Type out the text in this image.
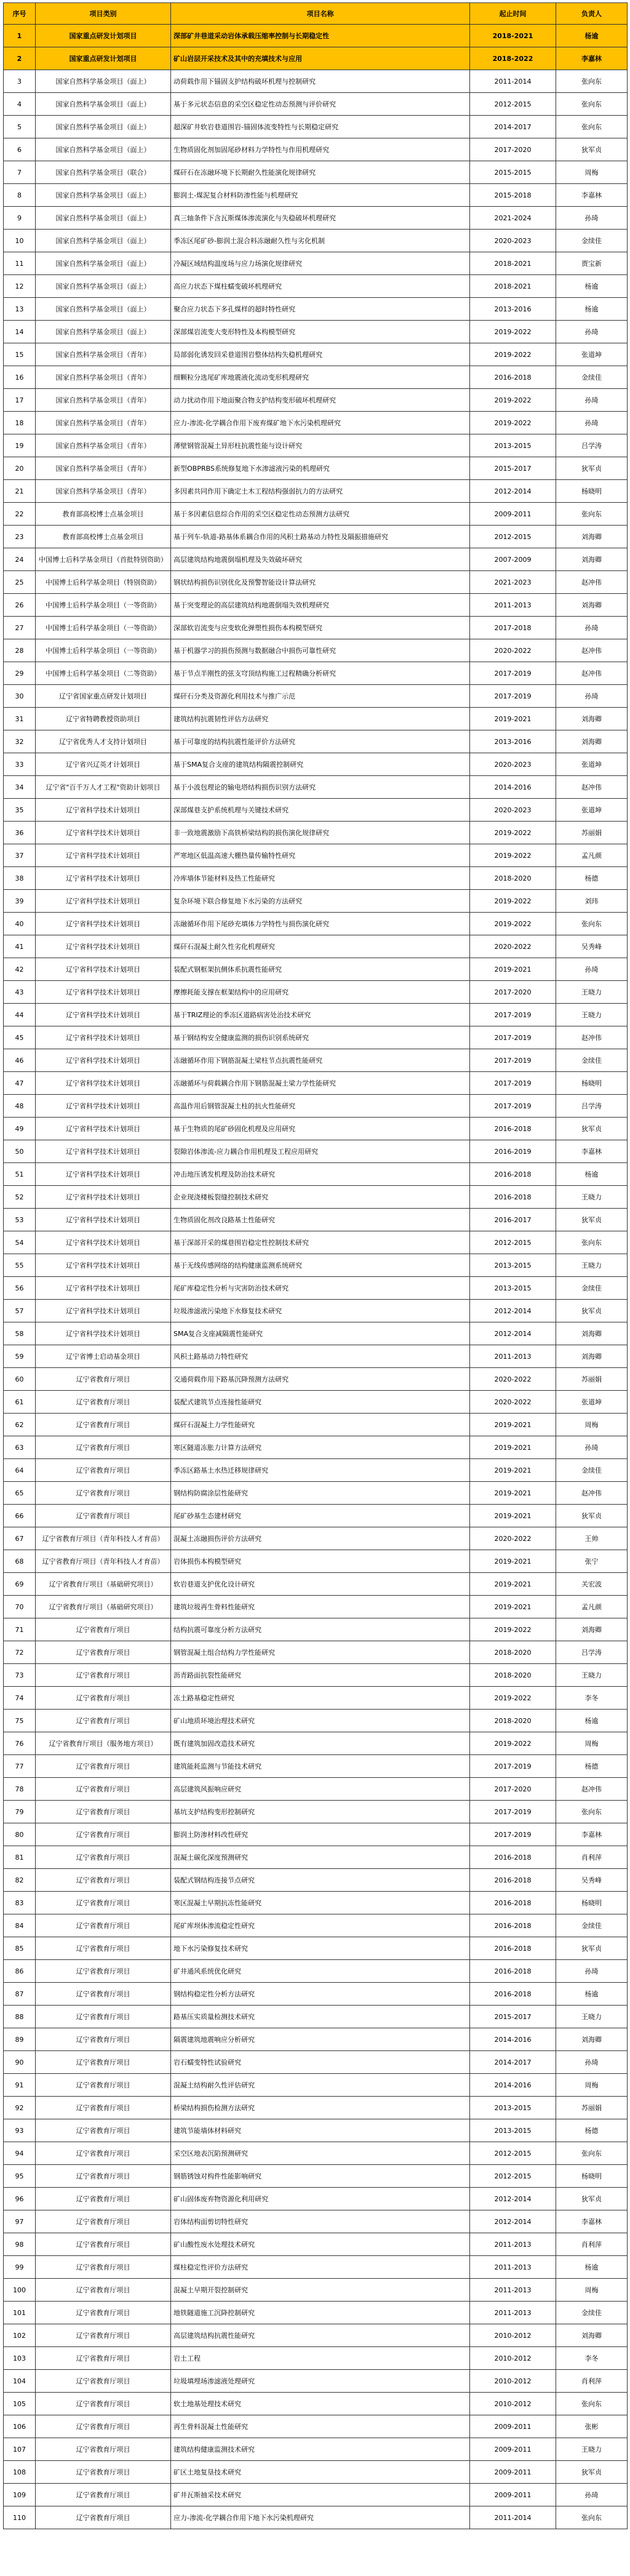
序号	项目类别	项目名称	起止时间	负责人
1	国家重点研发计划项目	深部矿井巷道采动岩体承载压缩率控制与长期稳定性	2018-2021	杨逾
2	国家重点研发计划项目	矿山岩层开采技术及其中的充填技术与应用	2018-2022	李嘉林
3	国家自然科学基金项目（面上）	动荷载作用下锚固支护结构破坏机理与控制研究	2011-2014	张向东
4	国家自然科学基金项目（面上）	基于多元状态信息的采空区稳定性动态预测与评价研究	2012-2015	张向东
5	国家自然科学基金项目（面上）	超深矿井软岩巷道围岩-锚固体流变特性与长期稳定研究	2014-2017	张向东
6	国家自然科学基金项目（面上）	生物质固化剂加固尾砂材料力学特性与作用机理研究	2017-2020	狄军贞
7	国家自然科学基金项目（联合）	煤矸石在冻融环境下长期耐久性能演化规律研究	2015-2015	周梅
8	国家自然科学基金项目（面上）	膨润土-煤泥复合材料防渗性能与机理研究	2015-2018	李嘉林
9	国家自然科学基金项目（面上）	真三轴条件下含瓦斯煤体渗流演化与失稳破坏机理研究	2021-2024	孙琦
10	国家自然科学基金项目（面上）	季冻区尾矿砂-膨润土混合料冻融耐久性与劣化机制	2020-2023	金续佳
11	国家自然科学基金项目（面上）	冷凝区域结构温度场与应力场演化规律研究	2018-2021	贾宝新
12	国家自然科学基金项目（面上）	高应力状态下煤柱蠕变破坏机理研究	2018-2021	杨逾
13	国家自然科学基金项目（面上）	聚合应力状态下多孔煤样的超时特性研究	2013-2016	杨逾
14	国家自然科学基金项目（面上）	深部煤岩流变大变形特性及本构模型研究	2019-2022	孙琦
15	国家自然科学基金项目（青年）	局部弱化诱发回采巷道围岩整体结构失稳机理研究	2019-2022	张道坤
16	国家自然科学基金项目（青年）	细颗粒分选尾矿库地震液化流动变形机理研究	2016-2018	金续佳
17	国家自然科学基金项目（青年）	动力扰动作用下地面聚合物支护结构变形破坏机理研究	2019-2022	孙琦
18	国家自然科学基金项目（青年）	应力-渗流-化学耦合作用下废弃煤矿地下水污染机理研究	2019-2022	孙琦
19	国家自然科学基金项目（青年）	薄壁钢管混凝土异形柱抗震性能与设计研究	2013-2015	吕学涛
20	国家自然科学基金项目（青年）	新型OBPRBS系统修复地下水渗滤液污染的机理研究	2015-2017	狄军贞
21	国家自然科学基金项目（青年）	多因素共同作用下确定土木工程结构强弱抗力的方法研究	2012-2014	杨晓明
22	教育部高校博士点基金项目	基于多因素信息综合作用的采空区稳定性动态预测方法研究	2009-2011	张向东
23	教育部高校博士点基金项目	基于列车-轨道-路基体系耦合作用的风积土路基动力特性及隔振措施研究	2012-2015	刘海卿
24	中国博士后科学基金项目（首批特别资助）	高层建筑结构地震倒塌机理及失效破坏研究	2007-2009	刘海卿
25	中国博士后科学基金项目（特别资助）	钢状结构损伤识别优化及预警智能设计算法研究	2021-2023	赵冲伟
26	中国博士后科学基金项目（一等资助）	基于突变理论的高层建筑结构地震倒塌失效机理研究	2011-2013	刘海卿
27	中国博士后科学基金项目（一等资助）	深部软岩流变与应变软化弹塑性损伤本构模型研究	2017-2018	孙琦
28	中国博士后科学基金项目（一等资助）	基于机器学习的损伤预测与数据融合中损伤可靠性研究	2020-2022	赵冲伟
29	中国博士后科学基金项目（二等资助）	基于节点半刚性的弦支穹顶结构施工过程精确分析研究	2017-2019	赵冲伟
30	辽宁省国家重点研发计划项目	煤矸石分类及资源化利用技术与推广示范	2017-2019	孙琦
31	辽宁省特聘教授资助项目	建筑结构抗震韧性评估方法研究	2019-2021	刘海卿
32	辽宁省优秀人才支持计划项目	基于可靠度的结构抗震性能评价方法研究	2013-2016	刘海卿
33	辽宁省兴辽英才计划项目	基于SMA复合支座的建筑结构隔震控制研究	2020-2023	张道坤
34	辽宁省"百千万人才工程"资助计划项目	基于小波包理论的输电塔结构损伤识别方法研究	2014-2016	赵冲伟
35	辽宁省科学技术计划项目	深部煤巷支护系统机理与关键技术研究	2020-2023	张道坤
36	辽宁省科学技术计划项目	非一致地震激励下高铁桥梁结构的损伤演化规律研究	2019-2022	苏丽娟
37	辽宁省科学技术计划项目	严寒地区低温高速大棚热量传输特性研究	2019-2022	孟凡颜
38	辽宁省科学技术计划项目	冷库墙体节能材料及热工性能研究	2018-2020	杨德
39	辽宁省科学技术计划项目	复杂环境下联合修复地下水污染的方法研究	2019-2022	刘玮
40	辽宁省科学技术计划项目	冻融循环作用下尾砂充填体力学特性与损伤演化研究	2019-2022	张向东
41	辽宁省科学技术计划项目	煤矸石混凝土耐久性劣化机理研究	2020-2022	吴秀峰
42	辽宁省科学技术计划项目	装配式钢框架抗侧体系抗震性能研究	2019-2021	孙琦
43	辽宁省科学技术计划项目	摩擦耗能支撑在框架结构中的应用研究	2017-2020	王晓力
44	辽宁省科学技术计划项目	基于TRIZ理论的季冻区道路病害处治技术研究	2017-2019	王晓力
45	辽宁省科学技术计划项目	基于钢结构安全健康监测的损伤识别系统研究	2017-2019	赵冲伟
46	辽宁省科学技术计划项目	冻融循环作用下钢筋混凝土梁柱节点抗震性能研究	2017-2019	金续佳
47	辽宁省科学技术计划项目	冻融循环与荷载耦合作用下钢筋混凝土梁力学性能研究	2017-2019	杨晓明
48	辽宁省科学技术计划项目	高温作用后钢管混凝土柱的抗火性能研究	2017-2019	吕学涛
49	辽宁省科学技术计划项目	基于生物质的尾矿砂固化机理及应用研究	2016-2018	狄军贞
50	辽宁省科学技术计划项目	裂隙岩体渗流-应力耦合作用机理及工程应用研究	2016-2019	李嘉林
51	辽宁省科学技术计划项目	冲击地压诱发机理及防治技术研究	2016-2018	杨逾
52	辽宁省科学技术计划项目	企业现浇楼板裂缝控制技术研究	2016-2018	王晓力
53	辽宁省科学技术计划项目	生物质固化剂改良路基土性能研究	2016-2017	狄军贞
54	辽宁省科学技术计划项目	基于深部开采的煤巷围岩稳定性控制技术研究	2012-2015	张向东
55	辽宁省科学技术计划项目	基于无线传感网络的结构健康监测系统研究	2013-2015	王晓力
56	辽宁省科学技术计划项目	尾矿库稳定性分析与灾害防治技术研究	2013-2015	金续佳
57	辽宁省科学技术计划项目	垃圾渗滤液污染地下水修复技术研究	2012-2014	狄军贞
58	辽宁省科学技术计划项目	SMA复合支座减隔震性能研究	2012-2014	刘海卿
59	辽宁省博士启动基金项目	风积土路基动力特性研究	2011-2013	刘海卿
60	辽宁省教育厅项目	交通荷载作用下路基沉降预测方法研究	2020-2022	苏丽娟
61	辽宁省教育厅项目	装配式建筑节点连接性能研究	2020-2022	张道坤
62	辽宁省教育厅项目	煤矸石混凝土力学性能研究	2019-2021	周梅
63	辽宁省教育厅项目	寒区隧道冻胀力计算方法研究	2019-2021	孙琦
64	辽宁省教育厅项目	季冻区路基土水热迁移规律研究	2019-2021	金续佳
65	辽宁省教育厅项目	钢结构防腐涂层性能研究	2019-2021	赵冲伟
66	辽宁省教育厅项目	尾矿砂基生态建材研究	2019-2021	狄军贞
67	辽宁省教育厅项目（青年科技人才育苗）	混凝土冻融损伤评价方法研究	2020-2022	王帅
68	辽宁省教育厅项目（青年科技人才育苗）	岩体损伤本构模型研究	2019-2021	张宁
69	辽宁省教育厅项目（基础研究项目）	软岩巷道支护优化设计研究	2019-2021	关宏波
70	辽宁省教育厅项目（基础研究项目）	建筑垃圾再生骨料性能研究	2019-2021	孟凡颜
71	辽宁省教育厅项目	结构抗震可靠度分析方法研究	2019-2022	刘海卿
72	辽宁省教育厅项目	钢管混凝土组合结构力学性能研究	2018-2020	吕学涛
73	辽宁省教育厅项目	沥青路面抗裂性能研究	2018-2020	王晓力
74	辽宁省教育厅项目	冻土路基稳定性研究	2019-2022	李冬
75	辽宁省教育厅项目	矿山地质环境治理技术研究	2018-2020	杨逾
76	辽宁省教育厅项目（服务地方项目）	既有建筑加固改造技术研究	2019-2022	周梅
77	辽宁省教育厅项目	建筑能耗监测与节能技术研究	2017-2019	杨德
78	辽宁省教育厅项目	高层建筑风振响应研究	2017-2020	赵冲伟
79	辽宁省教育厅项目	基坑支护结构变形控制研究	2017-2019	张向东
80	辽宁省教育厅项目	膨润土防渗材料改性研究	2017-2019	李嘉林
81	辽宁省教育厅项目	混凝土碳化深度预测研究	2016-2018	肖利萍
82	辽宁省教育厅项目	装配式钢结构连接节点研究	2016-2018	吴秀峰
83	辽宁省教育厅项目	寒区混凝土早期抗冻性能研究	2016-2018	杨晓明
84	辽宁省教育厅项目	尾矿库坝体渗流稳定性研究	2016-2018	金续佳
85	辽宁省教育厅项目	地下水污染修复技术研究	2016-2018	狄军贞
86	辽宁省教育厅项目	矿井通风系统优化研究	2016-2018	孙琦
87	辽宁省教育厅项目	钢结构稳定性分析方法研究	2016-2018	杨逾
88	辽宁省教育厅项目	路基压实质量检测技术研究	2015-2017	王晓力
89	辽宁省教育厅项目	隔震建筑地震响应分析研究	2014-2016	刘海卿
90	辽宁省教育厅项目	岩石蠕变特性试验研究	2014-2017	孙琦
91	辽宁省教育厅项目	混凝土结构耐久性评估研究	2014-2016	周梅
92	辽宁省教育厅项目	桥梁结构损伤检测方法研究	2013-2015	苏丽娟
93	辽宁省教育厅项目	建筑节能墙体材料研究	2013-2015	杨德
94	辽宁省教育厅项目	采空区地表沉陷预测研究	2012-2015	张向东
95	辽宁省教育厅项目	钢筋锈蚀对构件性能影响研究	2012-2015	杨晓明
96	辽宁省教育厅项目	矿山固体废弃物资源化利用研究	2012-2014	狄军贞
97	辽宁省教育厅项目	岩体结构面剪切特性研究	2012-2014	李嘉林
98	辽宁省教育厅项目	矿山酸性废水处理技术研究	2011-2013	肖利萍
99	辽宁省教育厅项目	煤柱稳定性评价方法研究	2011-2013	杨逾
100	辽宁省教育厅项目	混凝土早期开裂控制研究	2011-2013	周梅
101	辽宁省教育厅项目	地铁隧道施工沉降控制研究	2011-2013	金续佳
102	辽宁省教育厅项目	高层建筑结构抗震性能研究	2010-2012	刘海卿
103	辽宁省教育厅项目	岩土工程	2010-2012	李冬
104	辽宁省教育厅项目	垃圾填埋场渗滤液处理研究	2010-2012	肖利萍
105	辽宁省教育厅项目	软土地基处理技术研究	2010-2012	张向东
106	辽宁省教育厅项目	再生骨料混凝土性能研究	2009-2011	张彬
107	辽宁省教育厅项目	建筑结构健康监测技术研究	2009-2011	王晓力
108	辽宁省教育厅项目	矿区土地复垦技术研究	2009-2011	狄军贞
109	辽宁省教育厅项目	矿井瓦斯抽采技术研究	2009-2011	孙琦
110	辽宁省教育厅项目	应力-渗流-化学耦合作用下地下水污染机理研究	2011-2014	张向东
